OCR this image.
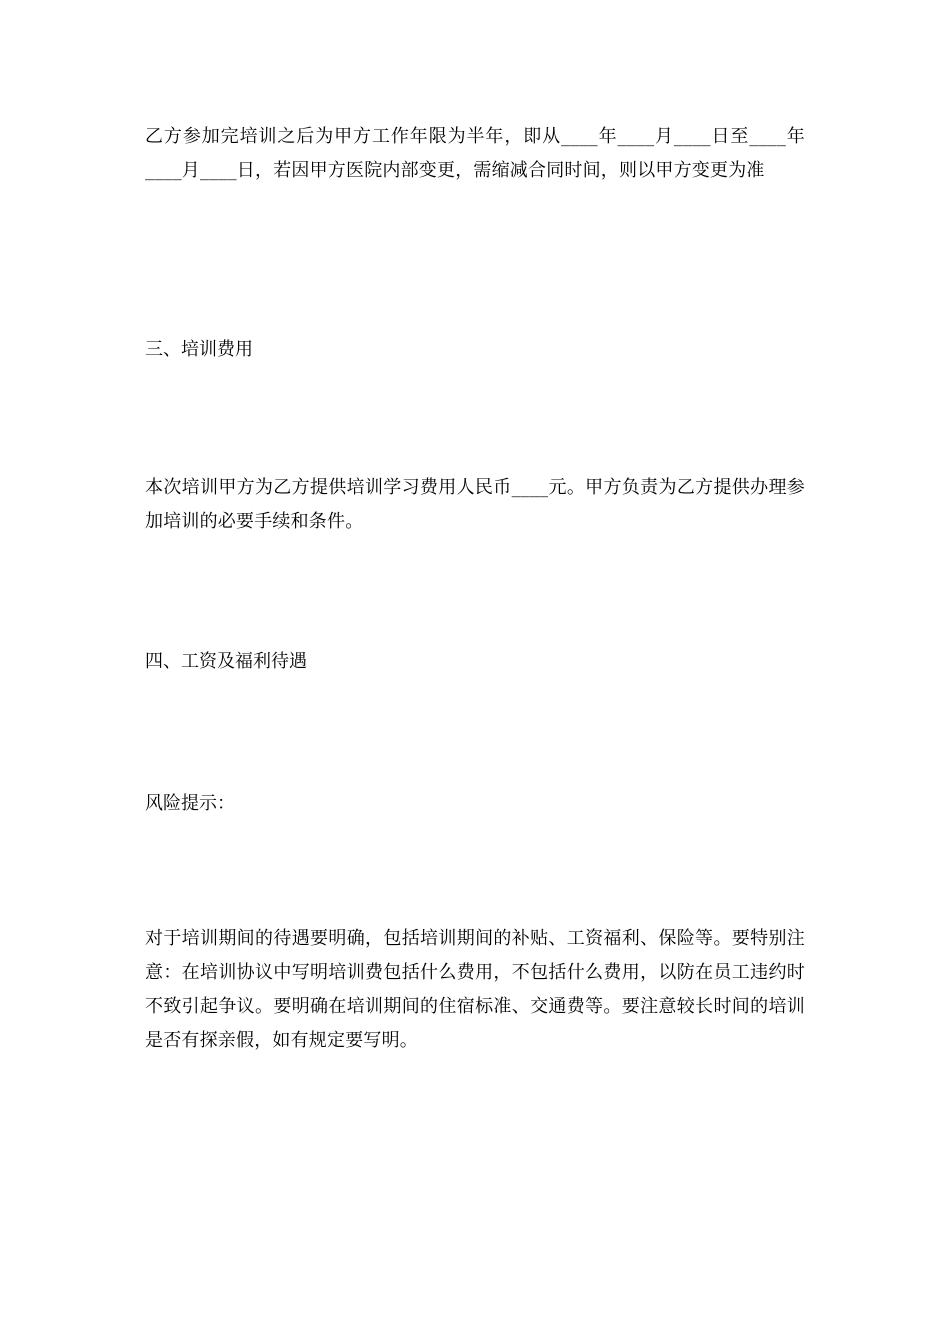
乙方参加完培训之后为甲方工作年限为半年，即从____年____月____日至____年____月____日，若因甲方医院内部变更，需缩减合同时间，则以甲方变更为准

三、培训费用

本次培训甲方为乙方提供培训学习费用人民币____元。甲方负责为乙方提供办理参加培训的必要手续和条件。

四、工资及福利待遇

风险提示：

对于培训期间的待遇要明确，包括培训期间的补贴、工资福利、保险等。要特别注意：在培训协议中写明培训费包括什么费用，不包括什么费用，以防在员工违约时不致引起争议。要明确在培训期间的住宿标准、交通费等。要注意较长时间的培训是否有探亲假，如有规定要写明。
